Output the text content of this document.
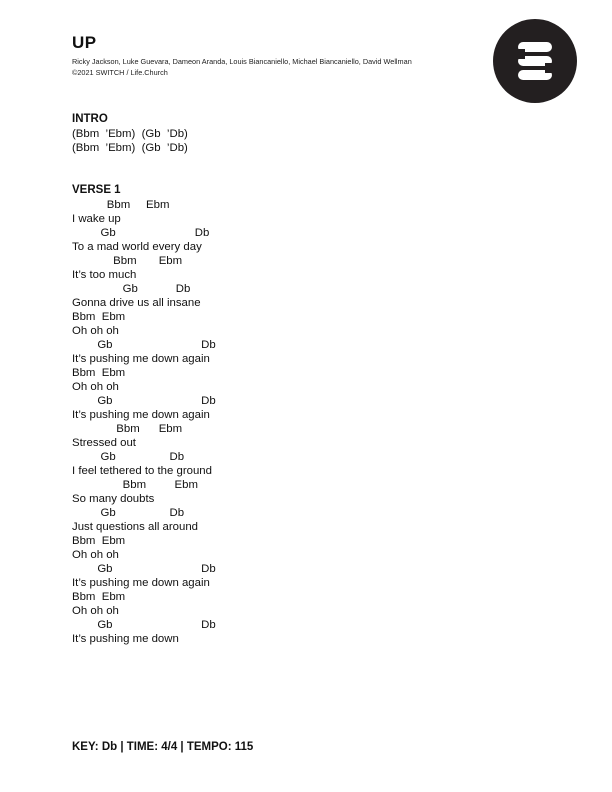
UP
Ricky Jackson, Luke Guevara, Dameon Aranda, Louis Biancaniello, Michael Biancaniello, David Wellman
©2021 SWITCH / Life.Church
INTRO
(Bbm  ’Ebm)  (Gb  ’Db)
(Bbm  ’Ebm)  (Gb  ’Db)
VERSE 1
Bbm     Ebm
I wake up
Gb                         Db
To a mad world every day
Bbm       Ebm
It’s too much
Gb            Db
Gonna drive us all insane
Bbm  Ebm
Oh oh oh
Gb                            Db
It’s pushing me down again
Bbm  Ebm
Oh oh oh
Gb                            Db
It’s pushing me down again
Bbm      Ebm
Stressed out
Gb                 Db
I feel tethered to the ground
Bbm         Ebm
So many doubts
Gb                 Db
Just questions all around
Bbm  Ebm
Oh oh oh
Gb                            Db
It’s pushing me down again
Bbm  Ebm
Oh oh oh
Gb                            Db
It’s pushing me down
KEY: Db | TIME: 4/4 | TEMPO: 115
